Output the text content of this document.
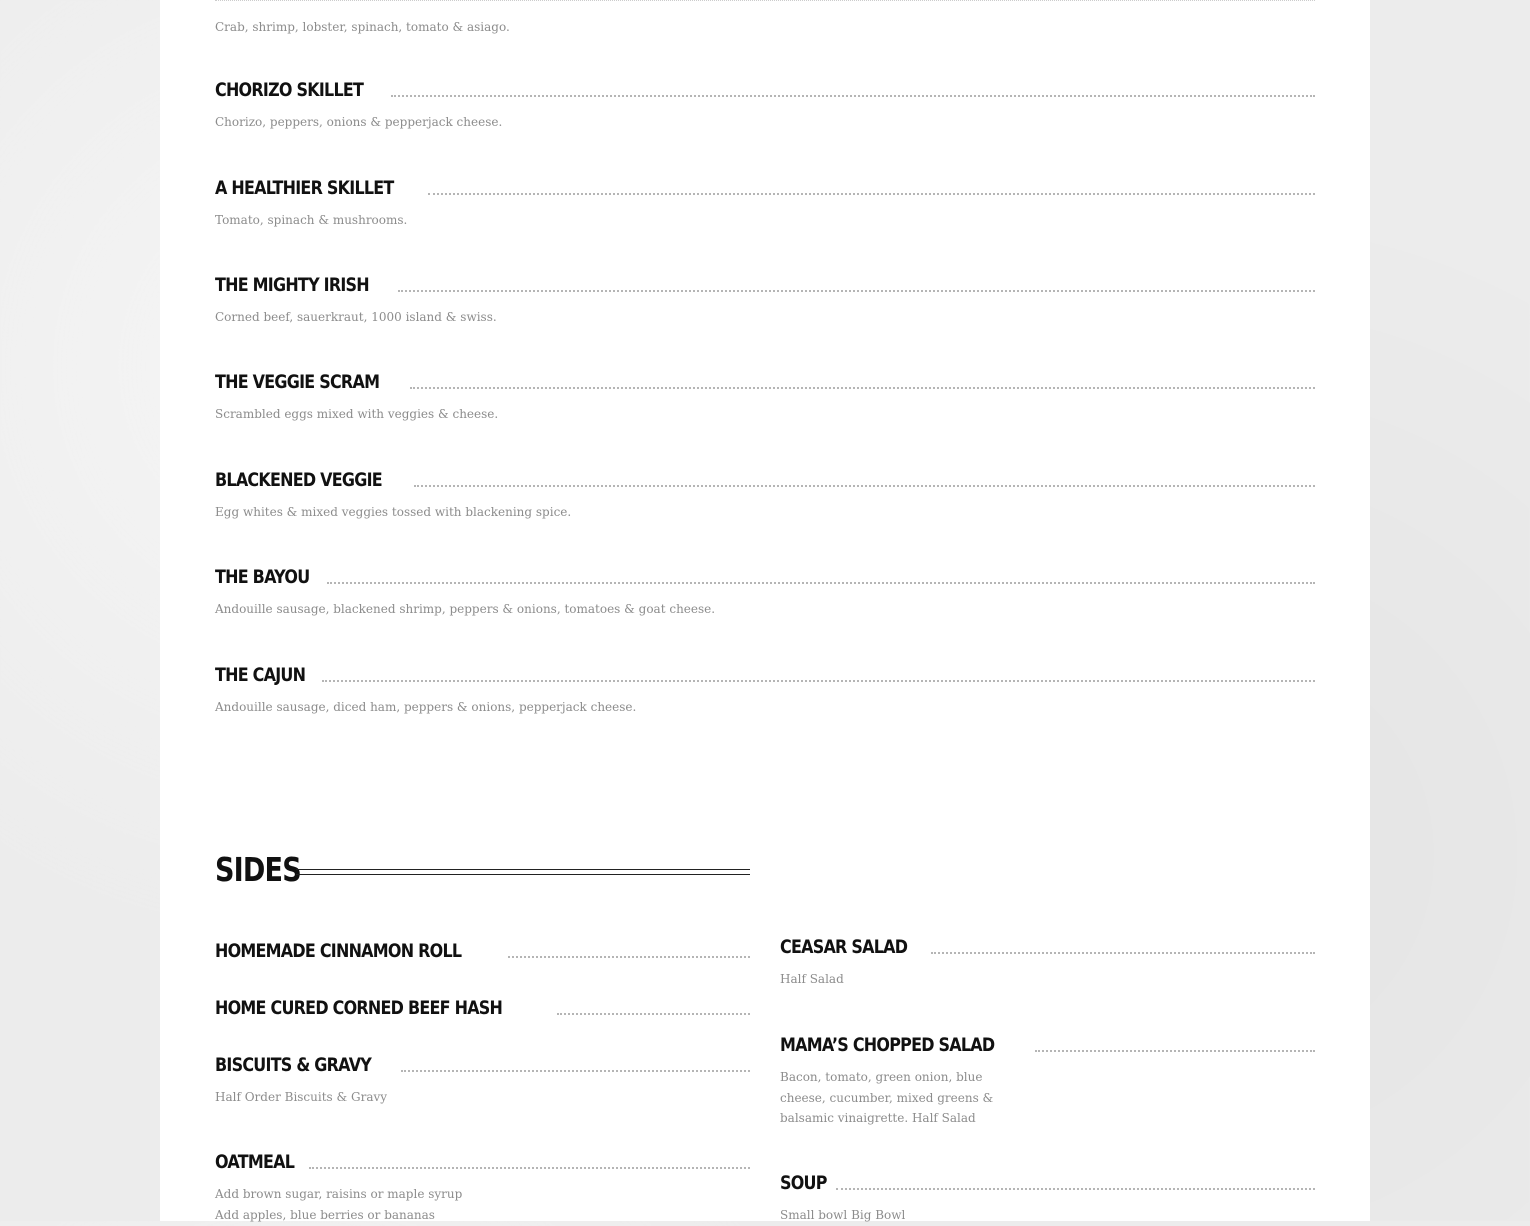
Crab, shrimp, lobster, spinach, tomato & asiago.
CHORIZO SKILLET
Chorizo, peppers, onions & pepperjack cheese.
A HEALTHIER SKILLET
Tomato, spinach & mushrooms.
THE MIGHTY IRISH
Corned beef, sauerkraut, 1000 island & swiss.
THE VEGGIE SCRAM
Scrambled eggs mixed with veggies & cheese.
BLACKENED VEGGIE
Egg whites & mixed veggies tossed with blackening spice.
THE BAYOU
Andouille sausage, blackened shrimp, peppers & onions, tomatoes & goat cheese.
THE CAJUN
Andouille sausage, diced ham, peppers & onions, pepperjack cheese.
SIDES
HOMEMADE CINNAMON ROLL
HOME CURED CORNED BEEF HASH
BISCUITS & GRAVY
Half Order Biscuits & Gravy
OATMEAL
Add brown sugar, raisins or maple syrup Add apples, blue berries or bananas
CEASAR SALAD
Half Salad
MAMA’S CHOPPED SALAD
Bacon, tomato, green onion, blue cheese, cucumber, mixed greens & balsamic vinaigrette. Half Salad
SOUP
Small bowl Big Bowl
